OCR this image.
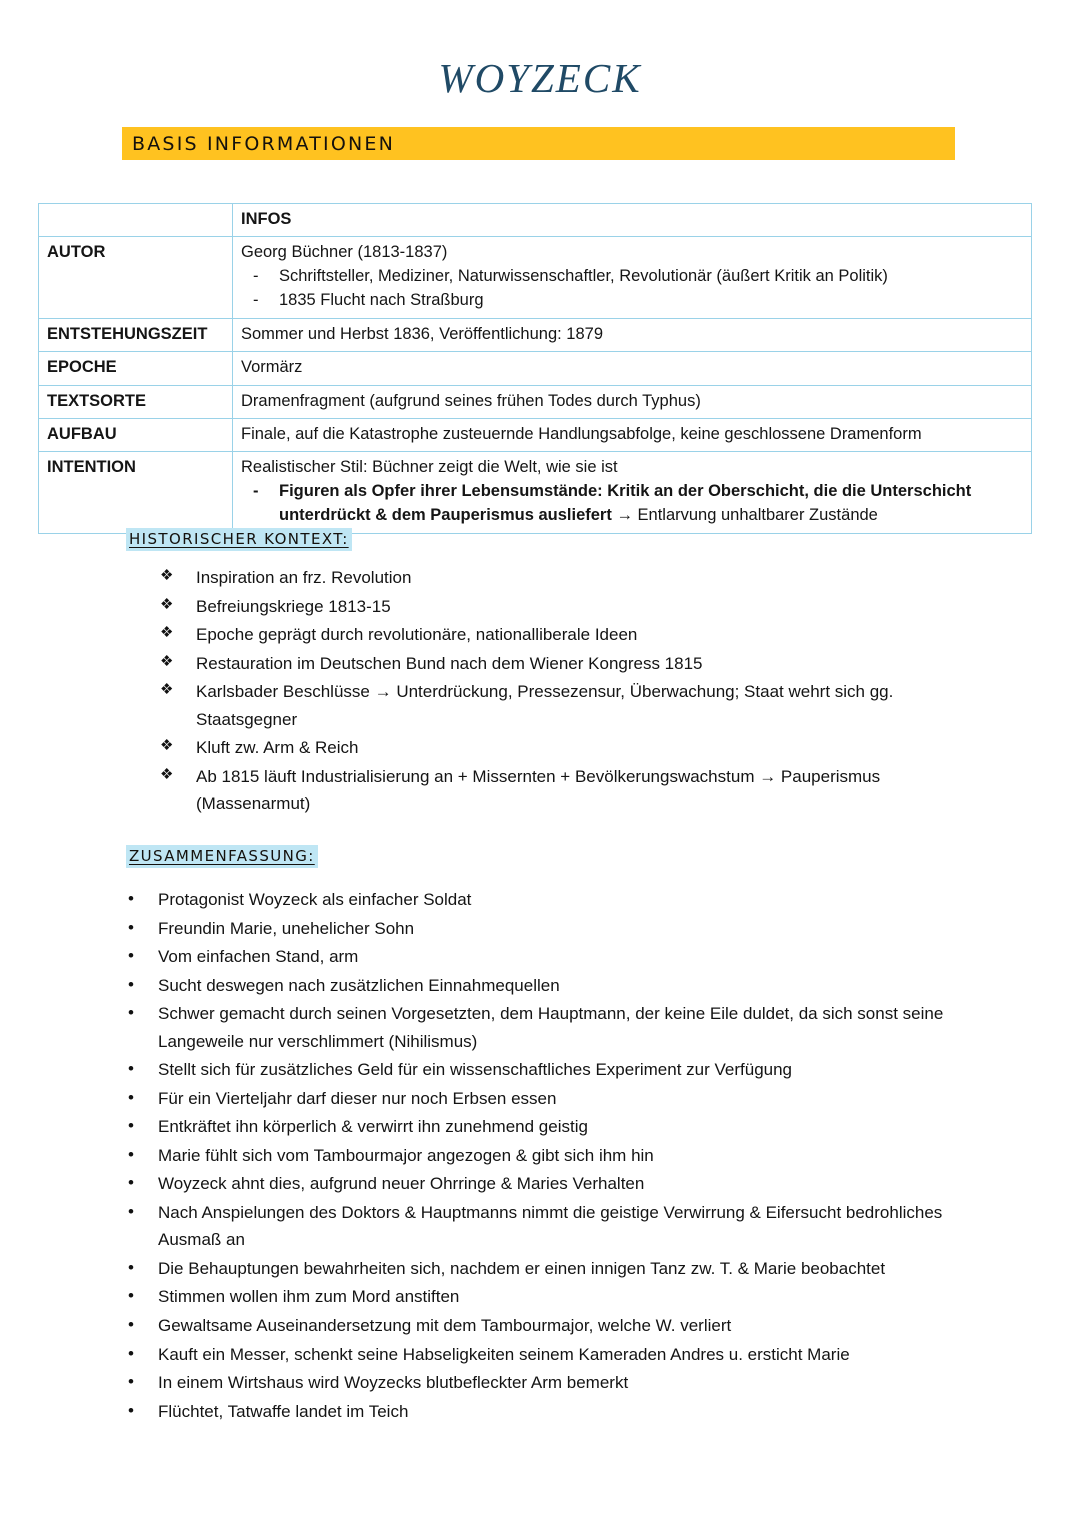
WOYZECK
BASIS INFORMATIONEN
	INFOS
AUTOR	Georg Büchner (1813-1837)
- Schriftsteller, Mediziner, Naturwissenschaftler, Revolutionär (äußert Kritik an Politik)
- 1835 Flucht nach Straßburg

ENTSTEHUNGSZEIT	Sommer und Herbst 1836, Veröffentlichung: 1879
EPOCHE	Vormärz
TEXTSORTE	Dramenfragment (aufgrund seines frühen Todes durch Typhus)
AUFBAU	Finale, auf die Katastrophe zusteuernde Handlungsabfolge, keine geschlossene Dramenform
INTENTION	Realistischer Stil: Büchner zeigt die Welt, wie sie ist
- Figuren als Opfer ihrer Lebensumstände: Kritik an der Oberschicht, die die Unterschicht unterdrückt & dem Pauperismus ausliefert → Entlarvung unhaltbarer Zustände
HISTORISCHER KONTEXT:
❖ Inspiration an frz. Revolution
❖ Befreiungskriege 1813-15
❖ Epoche geprägt durch revolutionäre, nationalliberale Ideen
❖ Restauration im Deutschen Bund nach dem Wiener Kongress 1815
❖ Karlsbader Beschlüsse → Unterdrückung, Pressezensur, Überwachung; Staat wehrt sich gg. Staatsgegner
❖ Kluft zw. Arm & Reich
❖ Ab 1815 läuft Industrialisierung an + Missernten + Bevölkerungswachstum → Pauperismus (Massenarmut)
ZUSAMMENFASSUNG:
• Protagonist Woyzeck als einfacher Soldat
• Freundin Marie, unehelicher Sohn
• Vom einfachen Stand, arm
• Sucht deswegen nach zusätzlichen Einnahmequellen
• Schwer gemacht durch seinen Vorgesetzten, dem Hauptmann, der keine Eile duldet, da sich sonst seine Langeweile nur verschlimmert (Nihilismus)
• Stellt sich für zusätzliches Geld für ein wissenschaftliches Experiment zur Verfügung
• Für ein Vierteljahr darf dieser nur noch Erbsen essen
• Entkräftet ihn körperlich & verwirrt ihn zunehmend geistig
• Marie fühlt sich vom Tambourmajor angezogen & gibt sich ihm hin
• Woyzeck ahnt dies, aufgrund neuer Ohrringe & Maries Verhalten
• Nach Anspielungen des Doktors & Hauptmanns nimmt die geistige Verwirrung & Eifersucht bedrohliches Ausmaß an
• Die Behauptungen bewahrheiten sich, nachdem er einen innigen Tanz zw. T. & Marie beobachtet
• Stimmen wollen ihm zum Mord anstiften
• Gewaltsame Auseinandersetzung mit dem Tambourmajor, welche W. verliert
• Kauft ein Messer, schenkt seine Habseligkeiten seinem Kameraden Andres u. ersticht Marie
• In einem Wirtshaus wird Woyzecks blutbefleckter Arm bemerkt
• Flüchtet, Tatwaffe landet im Teich
